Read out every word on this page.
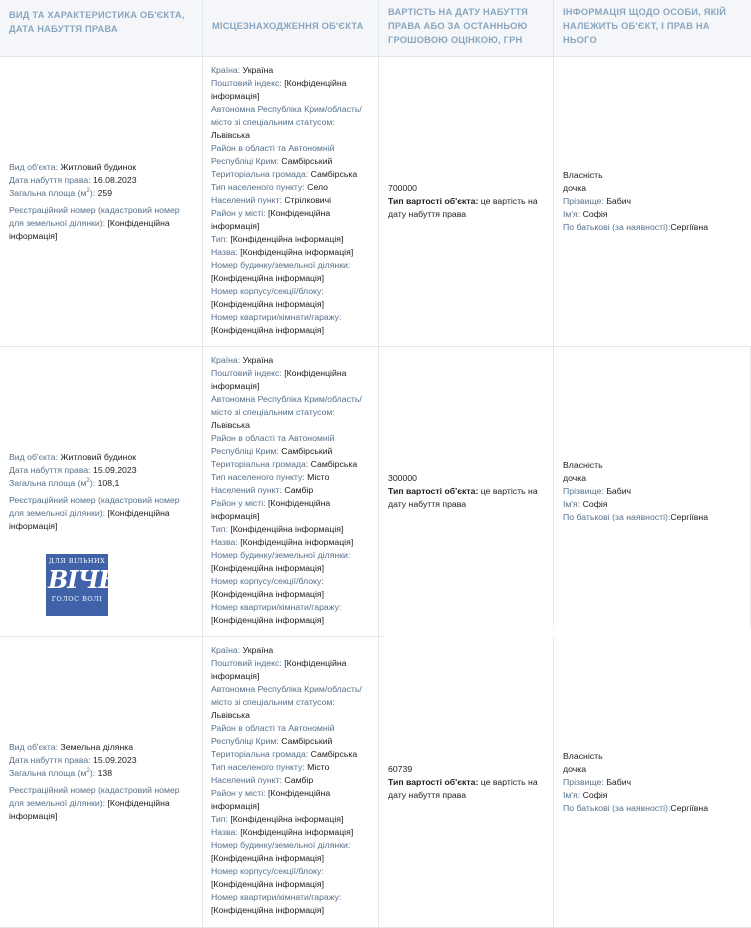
ВИД ТА ХАРАКТЕРИСТИКА ОБ'ЄКТА, ДАТА НАБУТТЯ ПРАВА	МІСЦЕЗНАХОДЖЕННЯ ОБ'ЄКТА
ВАРТІСТЬ НА ДАТУ НАБУТТЯ ПРАВА АБО ЗА ОСТАННЬОЮ ГРОШОВОЮ ОЦІНКОЮ, ГРН
ІНФОРМАЦІЯ ЩОДО ОСОБИ, ЯКІЙ НАЛЕЖИТЬ ОБ'ЄКТ, І ПРАВ НА НЬОГО
Вид об'єкта: Житловий будинок
Дата набуття права: 16.08.2023
Загальна площа $(м^2)$: 259
Реєстраційний номер (кадастровий номер для земельної ділянки): [Конфіденційна інформація]
Країна: Україна
Поштовий індекс: [Конфіденційна інформація]
Автономна Республіка Крим/область/місто зі спеціальним статусом: Львівська
Район в області та Автономній Республіці Крим: Самбірський
Територіальна громада: Самбірська
Тип населеного пункту: Село
Населений пункт: Стрілковичі
Район у місті: [Конфіденційна інформація]
Тип: [Конфіденційна інформація]
Назва: [Конфіденційна інформація]
Номер будинку/земельної ділянки: [Конфіденційна інформація]
Номер корпусу/секції/блоку: [Конфіденційна інформація]
Номер квартири/кімнати/гаражу: [Конфіденційна інформація]
700000
Тип вартості об'єкта: це вартість на дату набуття права
Власність
дочка
Прізвище: Бабич
Ім'я: Софія
По батькові (за наявності):Сергіївна
Вид об'єкта: Житловий будинок
Дата набуття права: 15.09.2023
Загальна площа $(м^2)$: 108,1
Реєстраційний номер (кадастровий номер для земельної ділянки): [Конфіденційна інформація]
ДЛЯ ВІЛЬНИХ
ВІЧЕ
ГОЛОС ВОЛІ
Країна: Україна
Поштовий індекс: [Конфіденційна інформація]
Автономна Республіка Крим/область/місто зі спеціальним статусом: Львівська
Район в області та Автономній Республіці Крим: Самбірський
Територіальна громада: Самбірська
Тип населеного пункту: Місто
Населений пункт: Самбір
Район у місті: [Конфіденційна інформація]
Тип: [Конфіденційна інформація]
Назва: [Конфіденційна інформація]
Номер будинку/земельної ділянки: [Конфіденційна інформація]
Номер корпусу/секції/блоку: [Конфіденційна інформація]
Номер квартири/кімнати/гаражу: [Конфіденційна інформація]
300000
Тип вартості об'єкта: це вартість на дату набуття права
Власність
дочка
Прізвище: Бабич
Ім'я: Софія
По батькові (за наявності):Сергіївна
Вид об'єкта: Земельна ділянка
Дата набуття права: 15.09.2023
Загальна площа $(м^2)$: 138
Реєстраційний номер (кадастровий номер для земельної ділянки): [Конфіденційна інформація]
Країна: Україна
Поштовий індекс: [Конфіденційна інформація]
Автономна Республіка Крим/область/місто зі спеціальним статусом: Львівська
Район в області та Автономній Республіці Крим: Самбірський
Територіальна громада: Самбірська
Тип населеного пункту: Місто
Населений пункт: Самбір
Район у місті: [Конфіденційна інформація]
Тип: [Конфіденційна інформація]
Назва: [Конфіденційна інформація]
Номер будинку/земельної ділянки: [Конфіденційна інформація]
Номер корпусу/секції/блоку: [Конфіденційна інформація]
Номер квартири/кімнати/гаражу: [Конфіденційна інформація]
60739
Тип вартості об'єкта: це вартість на дату набуття права
Власність
дочка
Прізвище: Бабич
Ім'я: Софія
По батькові (за наявності):Сергіївна
